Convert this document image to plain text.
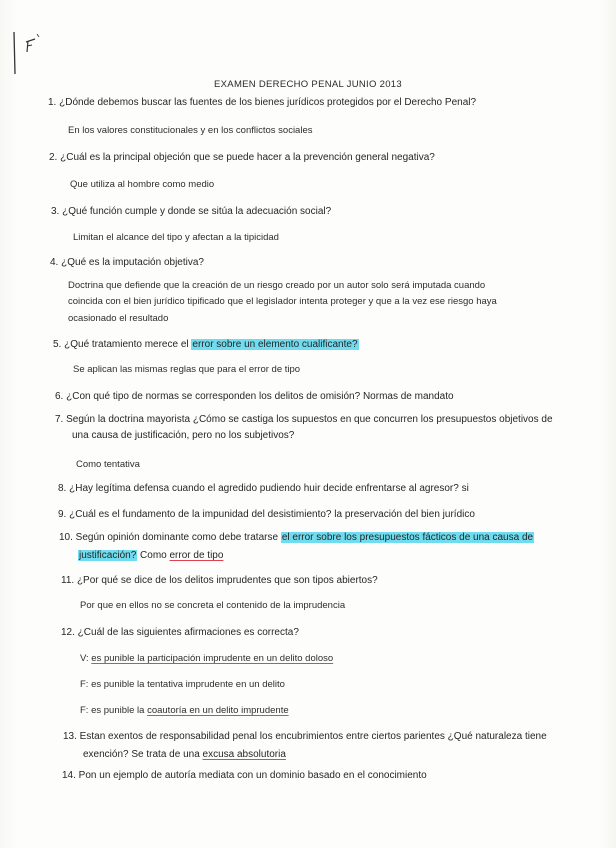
EXAMEN DERECHO PENAL JUNIO 2013
1. ¿Dónde debemos buscar las fuentes de los bienes jurídicos protegidos por el Derecho Penal?
En los valores constitucionales y en los conflictos sociales
2. ¿Cuál es la principal objeción que se puede hacer a la prevención general negativa?
Que utiliza al hombre como medio
3. ¿Qué función cumple y donde se sitúa la adecuación social?
Limitan el alcance del tipo y afectan a la tipicidad
4. ¿Qué es la imputación objetiva?
Doctrina que defiende que la creación de un riesgo creado por un autor solo será imputada cuando
coincida con el bien jurídico tipificado que el legislador intenta proteger y que a la vez ese riesgo haya
ocasionado el resultado
5. ¿Qué tratamiento merece el error sobre un elemento cualificante?
Se aplican las mismas reglas que para el error de tipo
6. ¿Con qué tipo de normas se corresponden los delitos de omisión? Normas de mandato
7. Según la doctrina mayorista ¿Cómo se castiga los supuestos en que concurren los presupuestos objetivos de
una causa de justificación, pero no los subjetivos?
Como tentativa
8. ¿Hay legítima defensa cuando el agredido pudiendo huir decide enfrentarse al agresor? si
9. ¿Cuál es el fundamento de la impunidad del desistimiento? la preservación del bien jurídico
10. Según opinión dominante como debe tratarse el error sobre los presupuestos fácticos de una causa de
justificación? Como error de tipo
11. ¿Por qué se dice de los delitos imprudentes que son tipos abiertos?
Por que en ellos no se concreta el contenido de la imprudencia
12. ¿Cuál de las siguientes afirmaciones es correcta?
V: es punible la participación imprudente en un delito doloso
F: es punible la tentativa imprudente en un delito
F: es punible la coautoría en un delito imprudente
13. Estan exentos de responsabilidad penal los encubrimientos entre ciertos parientes ¿Qué naturaleza tiene
exención? Se trata de una excusa absolutoria
14. Pon un ejemplo de autoría mediata con un dominio basado en el conocimiento
